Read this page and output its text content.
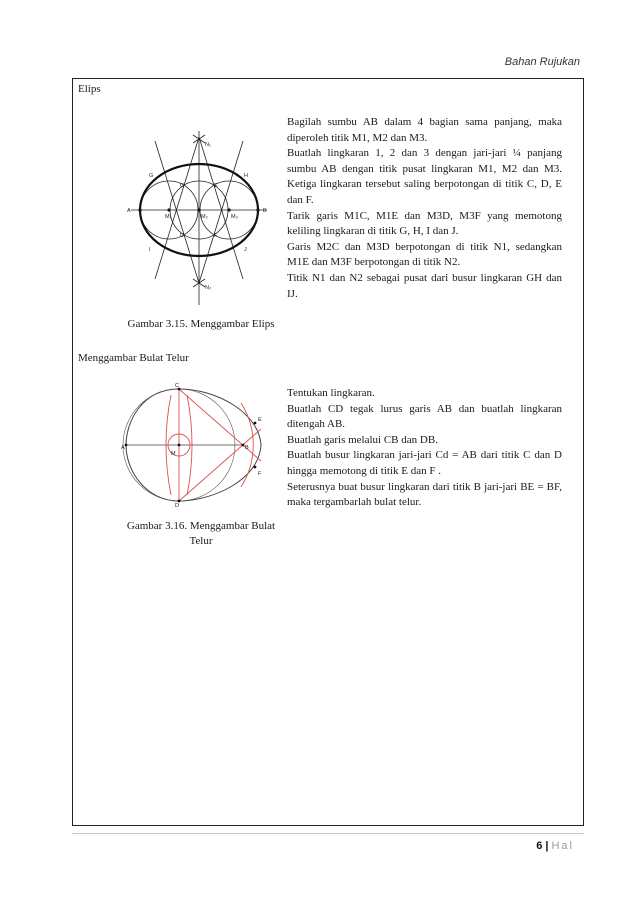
Bahan Rujukan
Elips
A	B
M₁	M₂	M₃
C
D
E
F
G	H
I	J
N₁
N₂

Bagilah sumbu AB dalam 4 bagian sama panjang, maka diperoleh titik M1, M2 dan M3.

Buatlah lingkaran 1, 2 dan 3 dengan jari-jari ¼ panjang sumbu AB dengan titik pusat lingkaran M1, M2 dan M3. Ketiga lingkaran tersebut saling berpotongan di titik C, D, E dan F.

Tarik garis M1C, M1E dan M3D, M3F yang memotong keliling lingkaran di titik G, H, I dan J.

Garis M2C dan M3D berpotongan di titik N1, sedangkan M1E dan M3F berpotongan di titik N2.

Titik N1 dan N2 sebagai pusat dari busur lingkaran GH dan IJ.

Gambar 3.15. Menggambar Elips
Menggambar Bulat Telur
C
D
A	B
M
E
F

Tentukan lingkaran.

Buatlah CD tegak lurus garis AB dan buatlah lingkaran ditengah AB.

Buatlah garis melalui CB dan DB.

Buatlah busur lingkaran jari-jari Cd = AB dari titik C dan D hingga memotong di titik E dan F .

Seterusnya buat busur lingkaran dari titik B jari-jari BE = BF, maka tergambarlah bulat telur.

Gambar 3.16. Menggambar Bulat Telur
6 | Hal
